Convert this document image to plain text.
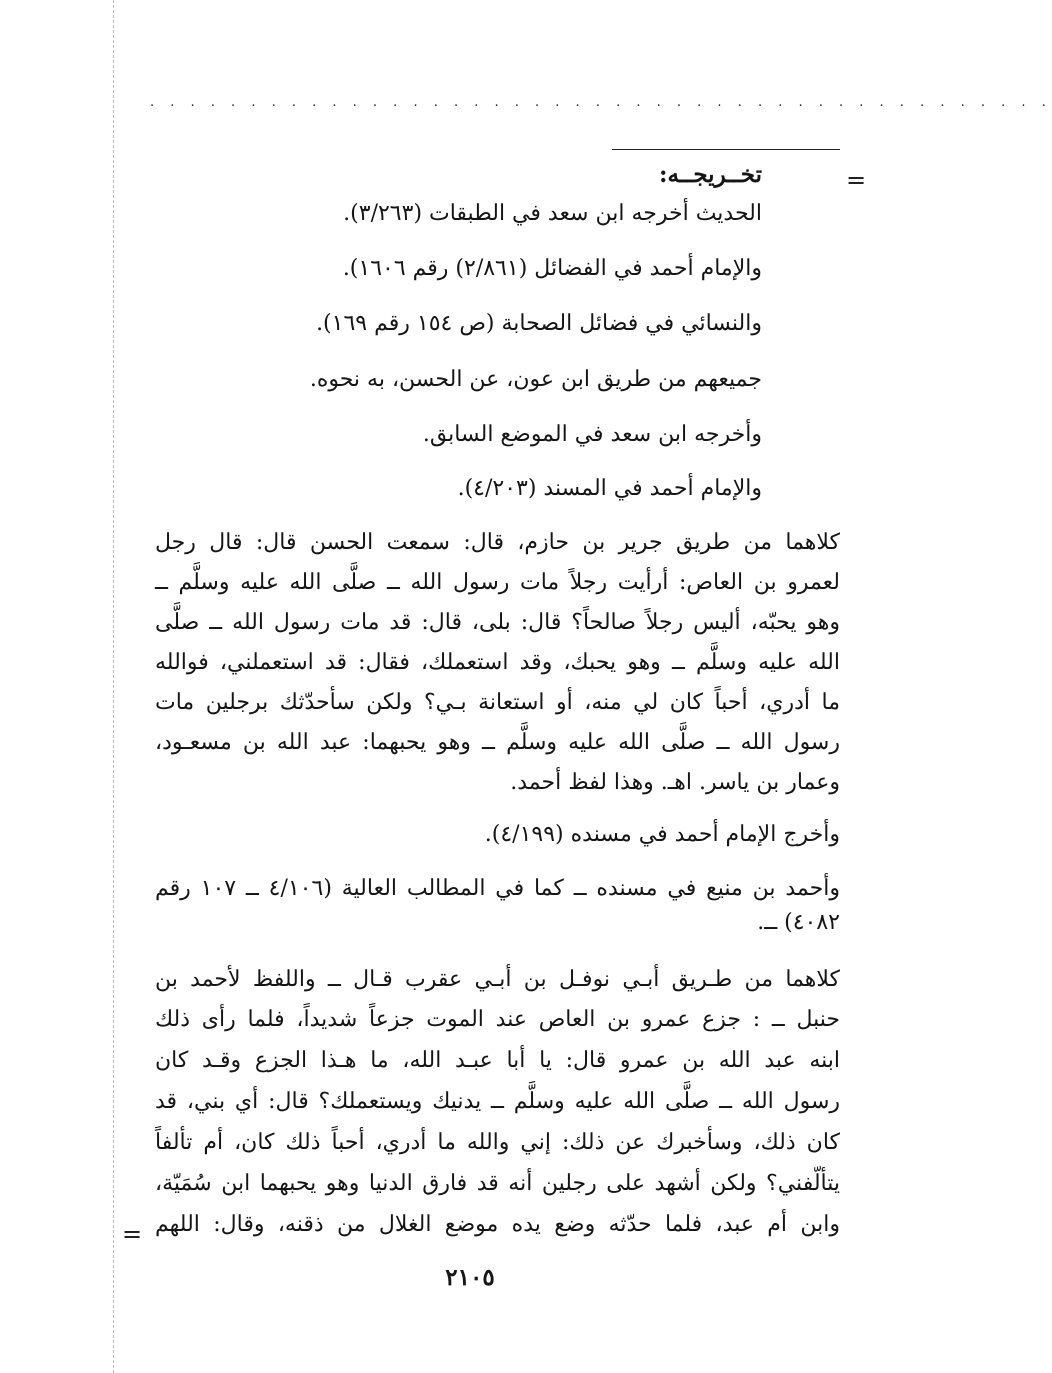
. . . . . . . . . . . . . . . . . . . . . . . . . . . . . . . . . . . . . . . . . . . . .
=
تخــريجــه:
الحديث أخرجه ابن سعد في الطبقات (٣/٢٦٣).
والإمام أحمد في الفضائل (٢/٨٦١) رقم ١٦٠٦).
والنسائي في فضائل الصحابة (ص ١٥٤ رقم ١٦٩).
جميعهم من طريق ابن عون، عن الحسن، به نحوه.
وأخرجه ابن سعد في الموضع السابق.
والإمام أحمد في المسند (٤/٢٠٣).
كلاهما من طريق جرير بن حازم، قال: سمعت الحسن قال: قال رجل
لعمرو بن العاص: أرأيت رجلاً مات رسول الله ــ صلَّى الله عليه وسلَّم ــ
وهو يحبّه، أليس رجلاً صالحاً؟ قال: بلى، قال: قد مات رسول الله ــ صلَّى
الله عليه وسلَّم ــ وهو يحبك، وقد استعملك، فقال: قد استعملني، فوالله
ما أدري، أحباً كان لي منه، أو استعانة بـي؟ ولكن سأحدّثك برجلين مات
رسول الله ــ صلَّى الله عليه وسلَّم ــ وهو يحبهما: عبد الله بن مسعـود،
وعمار بن ياسر. اهـ. وهذا لفظ أحمد.
وأخرج الإمام أحمد في مسنده (٤/١٩٩).
وأحمد بن منيع في مسنده ــ كما في المطالب العالية (٤/١٠٦ ــ ١٠٧ رقم
٤٠٨٢) ــ.
كلاهما من طـريق أبـي نوفـل بن أبـي عقرب قـال ــ واللفظ لأحمد بن
حنبل ــ : جزع عمرو بن العاص عند الموت جزعاً شديداً، فلما رأى ذلك
ابنه عبد الله بن عمرو قال: يا أبا عبـد الله، ما هـذا الجزع وقـد كان
رسول الله ــ صلَّى الله عليه وسلَّم ــ يدنيك ويستعملك؟ قال: أي بني، قد
كان ذلك، وسأخبرك عن ذلك: إني والله ما أدري، أحباً ذلك كان، أم تألفاً
يتألّفني؟ ولكن أشهد على رجلين أنه قد فارق الدنيا وهو يحبهما ابن سُمَيّة،
وابن أم عبد، فلما حدّثه وضع يده موضع الغلال من ذقنه، وقال: اللهم
=
٢١٠٥
